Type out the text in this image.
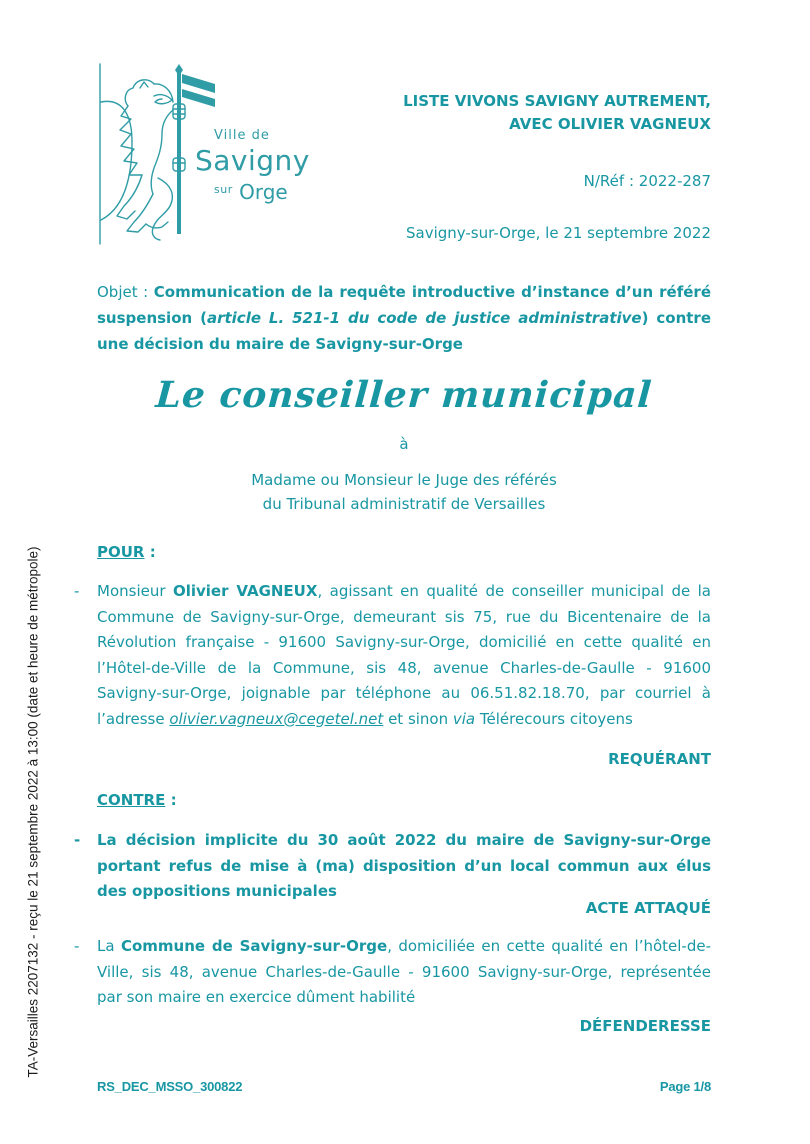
TA-Versailles 2207132 - reçu le 21 septembre 2022 à 13:00 (date et heure de métropole)
Ville de
Savigny
$^{sur}$ Orge
LISTE VIVONS SAVIGNY AUTREMENT,
AVEC OLIVIER VAGNEUX
N/Réf : 2022-287
Savigny-sur-Orge, le 21 septembre 2022

Objet : Communication de la requête introductive d’instance d’un référé suspension (article L. 521-1 du code de justice administrative) contre une décision du maire de Savigny-sur-Orge

Le conseiller municipal
à
Madame ou Monsieur le Juge des référés
du Tribunal administratif de Versailles
POUR :

- Monsieur Olivier VAGNEUX, agissant en qualité de conseiller municipal de la Commune de Savigny-sur-Orge, demeurant sis 75, rue du Bicentenaire de la Révolution française - 91600 Savigny-sur-Orge, domicilié en cette qualité en l’Hôtel-de-Ville de la Commune, sis 48, avenue Charles-de-Gaulle - 91600 Savigny-sur-Orge, joignable par téléphone au 06.51.82.18.70, par courriel à l’adresse olivier.vagneux@cegetel.net et sinon via Télérecours citoyens

REQUÉRANT
CONTRE :

- La décision implicite du 30 août 2022 du maire de Savigny-sur-Orge portant refus de mise à (ma) disposition d’un local commun aux élus des oppositions municipales

ACTE ATTAQUÉ

- La Commune de Savigny-sur-Orge, domiciliée en cette qualité en l’hôtel-de-Ville, sis 48, avenue Charles-de-Gaulle - 91600 Savigny-sur-Orge, représentée par son maire en exercice dûment habilité

DÉFENDERESSE
RS_DEC_MSSO_300822	Page 1/8
